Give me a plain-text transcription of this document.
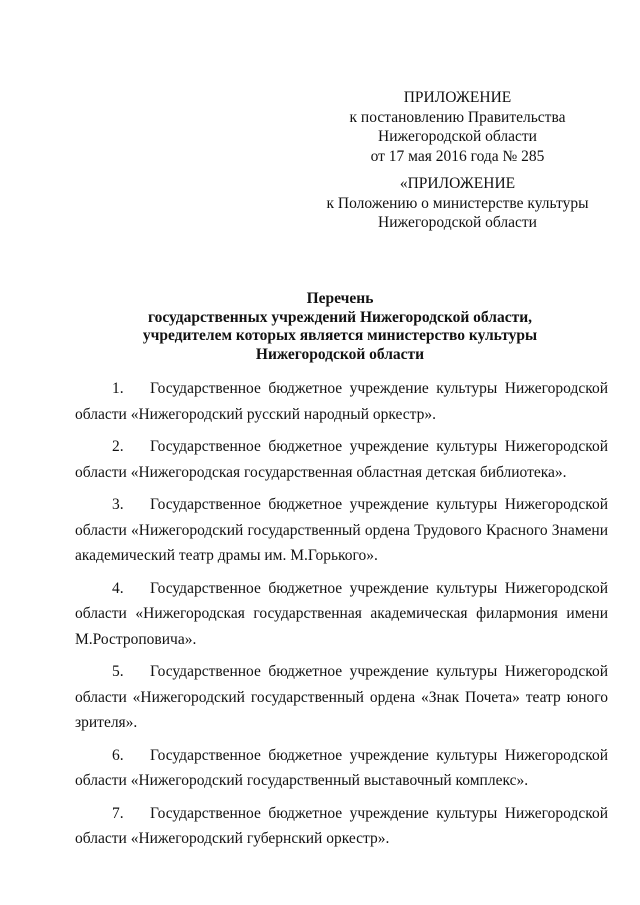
ПРИЛОЖЕНИЕ
к постановлению Правительства
Нижегородской области
от 17 мая 2016 года № 285
«ПРИЛОЖЕНИЕ
к Положению о министерстве культуры
Нижегородской области
Перечень
государственных учреждений Нижегородской области,
учредителем которых является министерство культуры
Нижегородской области
1. Государственное бюджетное учреждение культуры Нижегородской
области «Нижегородский русский народный оркестр».
2. Государственное бюджетное учреждение культуры Нижегородской
области «Нижегородская государственная областная детская библиотека».
3. Государственное бюджетное учреждение культуры Нижегородской
области «Нижегородский государственный ордена Трудового Красного Знамени
академический театр драмы им. М.Горького».
4. Государственное бюджетное учреждение культуры Нижегородской
области «Нижегородская государственная академическая филармония имени
М.Ростроповича».
5. Государственное бюджетное учреждение культуры Нижегородской
области «Нижегородский государственный ордена «Знак Почета» театр юного
зрителя».
6. Государственное бюджетное учреждение культуры Нижегородской
области «Нижегородский государственный выставочный комплекс».
7. Государственное бюджетное учреждение культуры Нижегородской
области «Нижегородский губернский оркестр».
